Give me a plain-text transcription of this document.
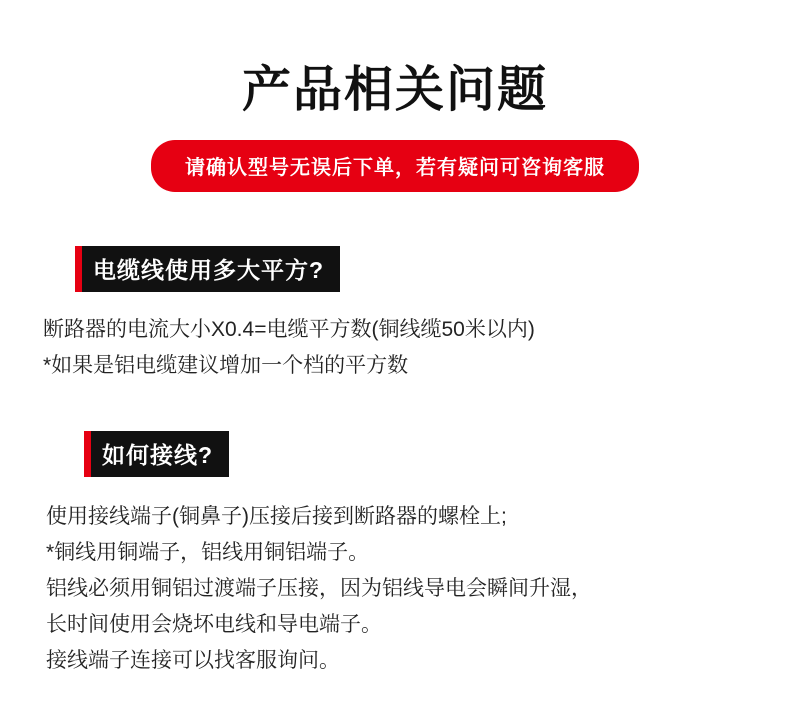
产品相关问题
请确认型号无误后下单，若有疑问可咨询客服
电缆线使用多大平方?

断路器的电流大小X0.4=电缆平方数(铜线缆50米以内)

*如果是铝电缆建议增加一个档的平方数

如何接线?

使用接线端子(铜鼻子)压接后接到断路器的螺栓上;

*铜线用铜端子，铝线用铜铝端子。

铝线必须用铜铝过渡端子压接，因为铝线导电会瞬间升湿，

长时间使用会烧坏电线和导电端子。

接线端子连接可以找客服询问。
